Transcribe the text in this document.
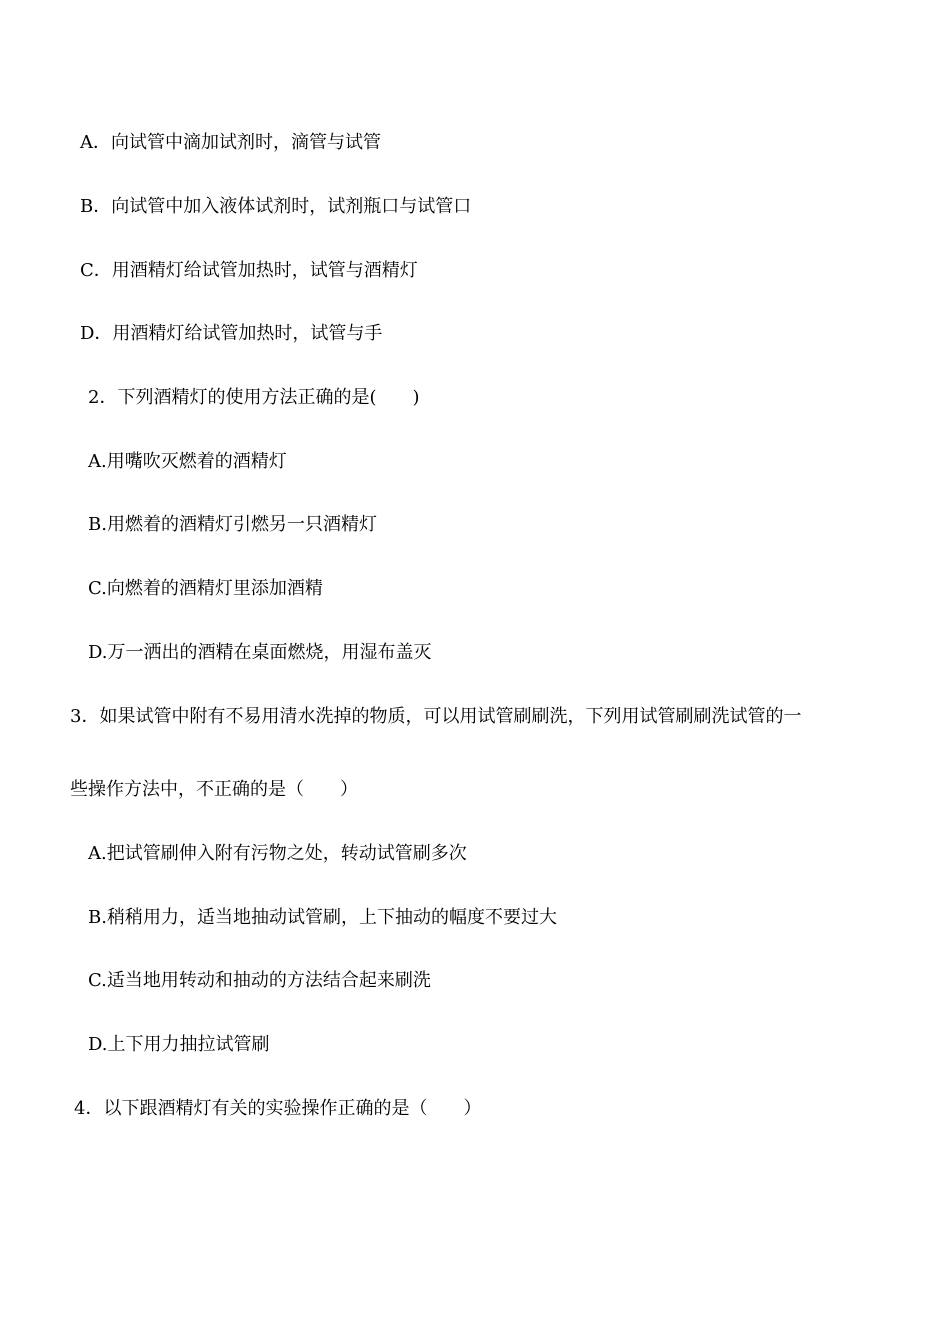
A．向试管中滴加试剂时，滴管与试管
B．向试管中加入液体试剂时，试剂瓶口与试管口
C．用酒精灯给试管加热时，试管与酒精灯
D．用酒精灯给试管加热时，试管与手
2．下列酒精灯的使用方法正确的是(　　)
A.用嘴吹灭燃着的酒精灯
B.用燃着的酒精灯引燃另一只酒精灯
C.向燃着的酒精灯里添加酒精
D.万一洒出的酒精在桌面燃烧，用湿布盖灭
3．如果试管中附有不易用清水洗掉的物质，可以用试管刷刷洗，下列用试管刷刷洗试管的一
些操作方法中，不正确的是（　　）
A.把试管刷伸入附有污物之处，转动试管刷多次
B.稍稍用力，适当地抽动试管刷，上下抽动的幅度不要过大
C.适当地用转动和抽动的方法结合起来刷洗
D.上下用力抽拉试管刷
4．以下跟酒精灯有关的实验操作正确的是（　　）
